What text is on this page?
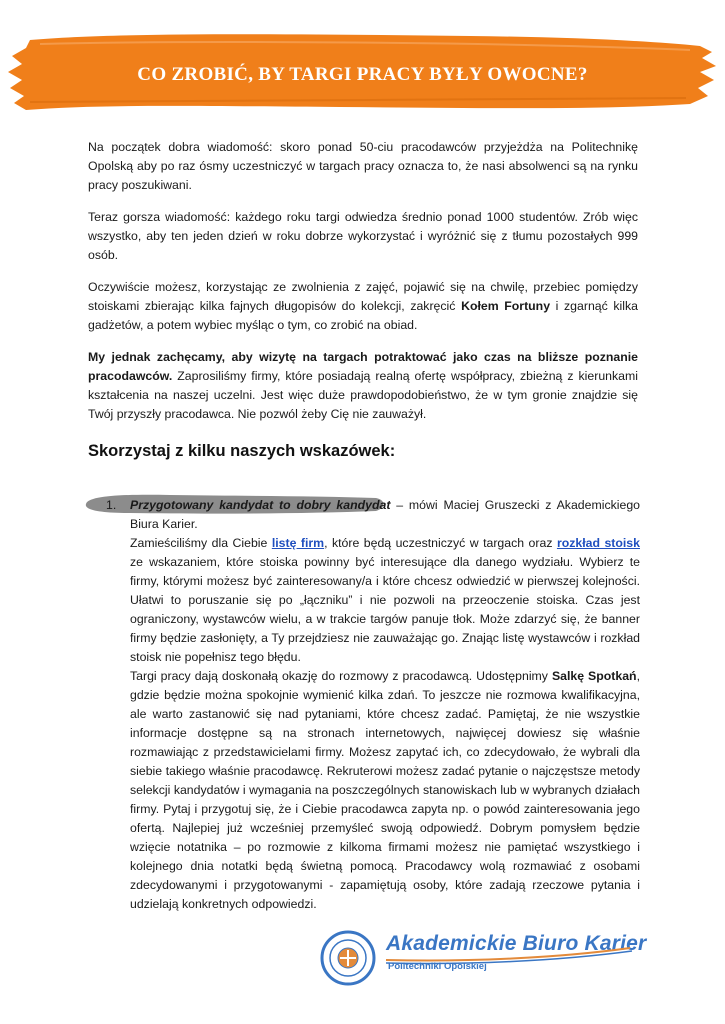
CO ZROBIĆ, BY TARGI PRACY BYŁY OWOCNE?

Na początek dobra wiadomość: skoro ponad 50-ciu pracodawców przyjeżdża na Politechnikę Opolską aby po raz ósmy uczestniczyć w targach pracy oznacza to, że nasi absolwenci są na rynku pracy poszukiwani.

Teraz gorsza wiadomość: każdego roku targi odwiedza średnio ponad 1000 studentów. Zrób więc wszystko, aby ten jeden dzień w roku dobrze wykorzystać i wyróżnić się z tłumu pozostałych 999 osób.

Oczywiście możesz, korzystając ze zwolnienia z zajęć, pojawić się na chwilę, przebiec pomiędzy stoiskami zbierając kilka fajnych długopisów do kolekcji, zakręcić Kołem Fortuny i zgarnąć kilka gadżetów, a potem wybiec myśląc o tym, co zrobić na obiad.

My jednak zachęcamy, aby wizytę na targach potraktować jako czas na bliższe poznanie pracodawców. Zaprosiliśmy firmy, które posiadają realną ofertę współpracy, zbieżną z kierunkami kształcenia na naszej uczelni. Jest więc duże prawdopodobieństwo, że w tym gronie znajdzie się Twój przyszły pracodawca. Nie pozwól żeby Cię nie zauważył.

Skorzystaj z kilku naszych wskazówek:
1.	Przygotowany kandydat to dobry kandydat – mówi Maciej Gruszecki z Akademickiego Biura Karier.

Zamieściliśmy dla Ciebie listę firm, które będą uczestniczyć w targach oraz rozkład stoisk ze wskazaniem, które stoiska powinny być interesujące dla danego wydziału. Wybierz te firmy, którymi możesz być zainteresowany/a i które chcesz odwiedzić w pierwszej kolejności. Ułatwi to poruszanie się po „łączniku” i nie pozwoli na przeoczenie stoiska. Czas jest ograniczony, wystawców wielu, a w trakcie targów panuje tłok. Może zdarzyć się, że banner firmy będzie zasłonięty, a Ty przejdziesz nie zauważając go. Znając listę wystawców i rozkład stoisk nie popełnisz tego błędu.

Targi pracy dają doskonałą okazję do rozmowy z pracodawcą. Udostępnimy Salkę Spotkań, gdzie będzie można spokojnie wymienić kilka zdań. To jeszcze nie rozmowa kwalifikacyjna, ale warto zastanowić się nad pytaniami, które chcesz zadać. Pamiętaj, że nie wszystkie informacje dostępne są na stronach internetowych, najwięcej dowiesz się właśnie rozmawiając z przedstawicielami firmy. Możesz zapytać ich, co zdecydowało, że wybrali dla siebie takiego właśnie pracodawcę. Rekruterowi możesz zadać pytanie o najczęstsze metody selekcji kandydatów i wymagania na poszczególnych stanowiskach lub w wybranych działach firmy. Pytaj i przygotuj się, że i Ciebie pracodawca zapyta np. o powód zainteresowania jego ofertą. Najlepiej już wcześniej przemyśleć swoją odpowiedź. Dobrym pomysłem będzie wzięcie notatnika – po rozmowie z kilkoma firmami możesz nie pamiętać wszystkiego i kolejnego dnia notatki będą świetną pomocą. Pracodawcy wolą rozmawiać z osobami zdecydowanymi i przygotowanymi - zapamiętują osoby, które zadają rzeczowe pytania i udzielają konkretnych odpowiedzi.

Akademickie Biuro Karier
Politechniki Opolskiej
